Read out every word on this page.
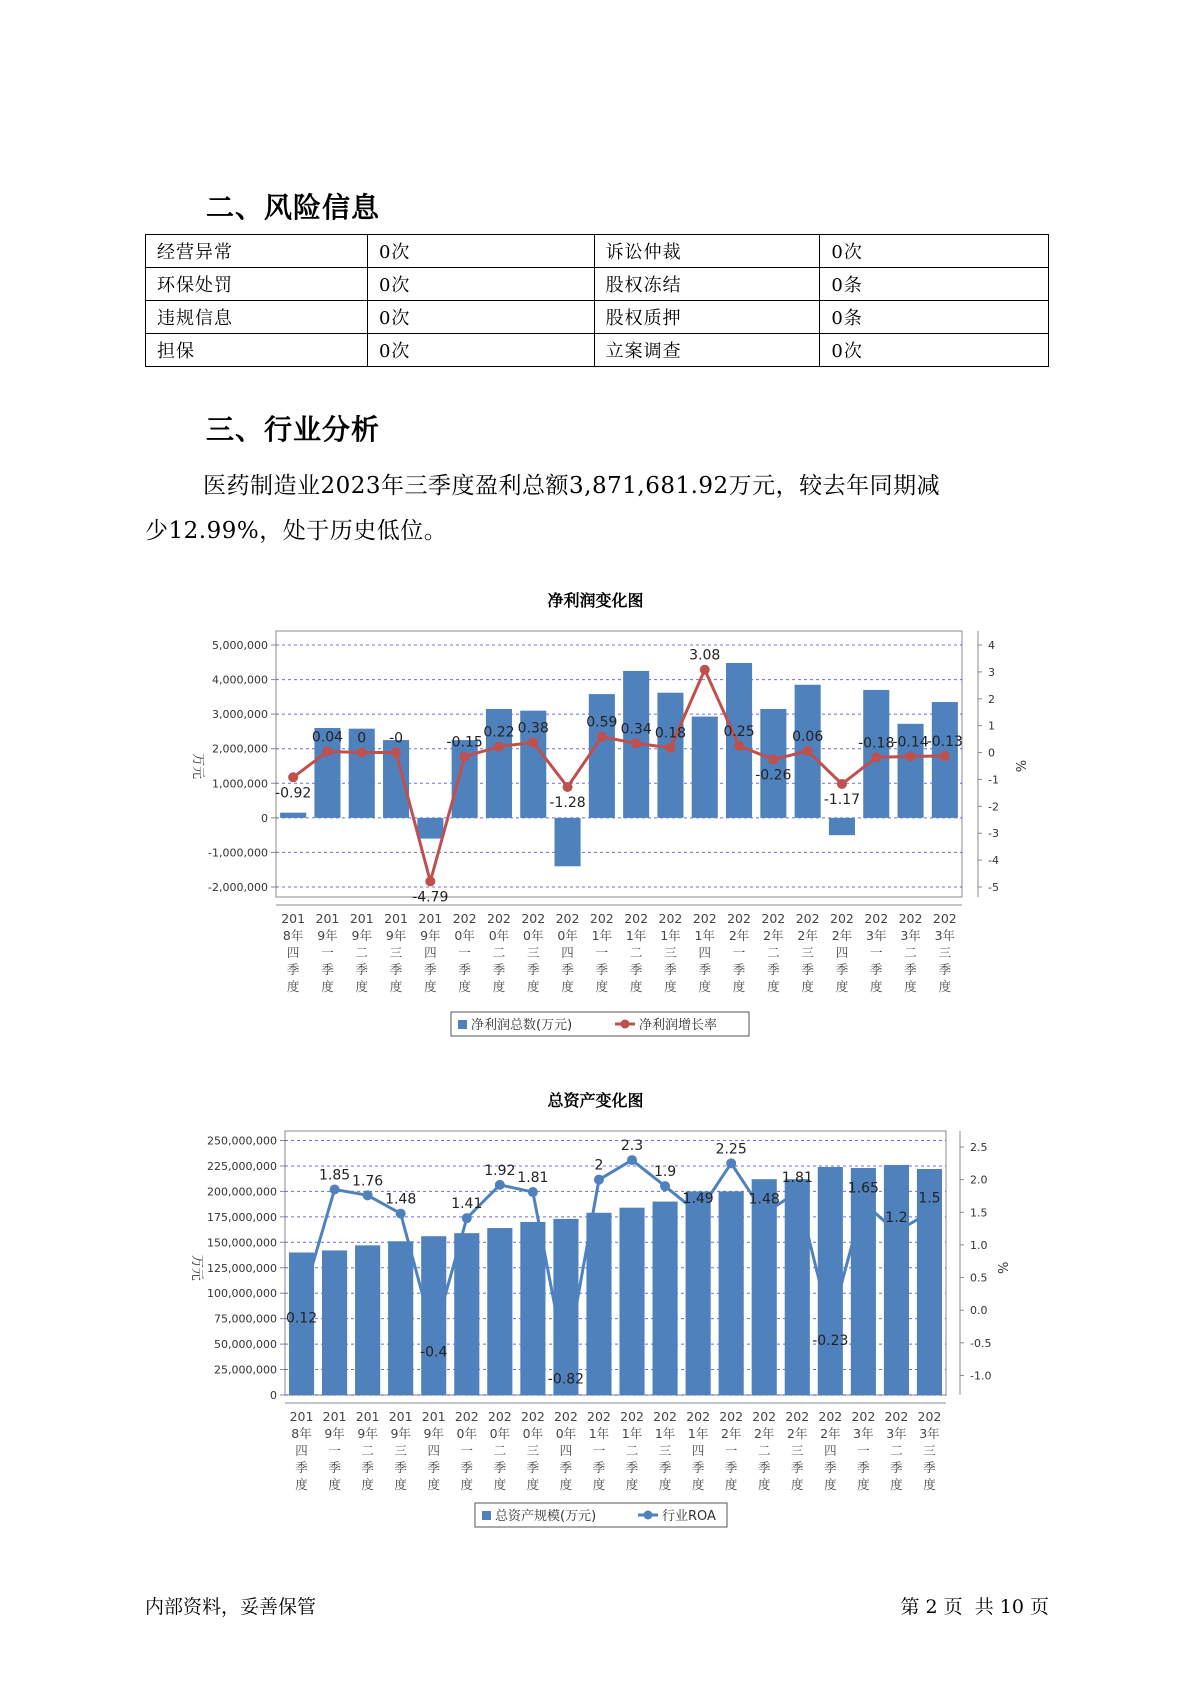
二、风险信息
经营异常	0次	诉讼仲裁	0次
环保处罚	0次	股权冻结	0条
违规信息	0次	股权质押	0条
担保	0次	立案调查	0次
三、行业分析
医药制造业2023年三季度盈利总额3,871,681.92万元，较去年同期减
少12.99%，处于历史低位。
净利润变化图
5,000,000
4,000,000
3,000,000
2,000,000
1,000,000
0
-1,000,000
-2,000,000
4
3
2
1
0
-1
-2
-3
-4
-5
万元	%
-0.92
0.04 0 -0
-4.79
-0.15
0.22 0.38
-1.28
0.59 0.34 0.18
3.08
0.25
-0.26
0.06
-1.17
-0.18
-0.14
-0.13
201
8年
四
季
度
201
9年
一
季
度
201
9年
二
季
度
201
9年
三
季
度
201
9年
四
季
度
202
0年
一
季
度
202
0年
二
季
度
202
0年
三
季
度
202
0年
四
季
度
202
1年
一
季
度
202
1年
二
季
度
202
1年
三
季
度
202
1年
四
季
度
202
2年
一
季
度
202
2年
二
季
度
202
2年
三
季
度
202
2年
四
季
度
202
3年
一
季
度
202
3年
二
季
度
202
3年
三
季
度
净利润总数(万元)	净利润增长率
总资产变化图
250,000,000
225,000,000
200,000,000
175,000,000
150,000,000
125,000,000
100,000,000
75,000,000
50,000,000
25,000,000
0
2.5
2.0
1.5
1.0
0.5
0.0
-0.5
-1.0
万元	%
0.12
1.85 1.76
1.48
-0.4
1.41
1.92 1.81
-0.82
2
2.3
1.9
1.49
2.25
1.48
1.81
-0.23
1.65
1.2
1.5
201
8年
四
季
度
201
9年
一
季
度
201
9年
二
季
度
201
9年
三
季
度
201
9年
四
季
度
202
0年
一
季
度
202
0年
二
季
度
202
0年
三
季
度
202
0年
四
季
度
202
1年
一
季
度
202
1年
二
季
度
202
1年
三
季
度
202
1年
四
季
度
202
2年
一
季
度
202
2年
二
季
度
202
2年
三
季
度
202
2年
四
季
度
202
3年
一
季
度
202
3年
二
季
度
202
3年
三
季
度
总资产规模(万元)	行业ROA
内部资料，妥善保管	第 2 页  共 10 页
